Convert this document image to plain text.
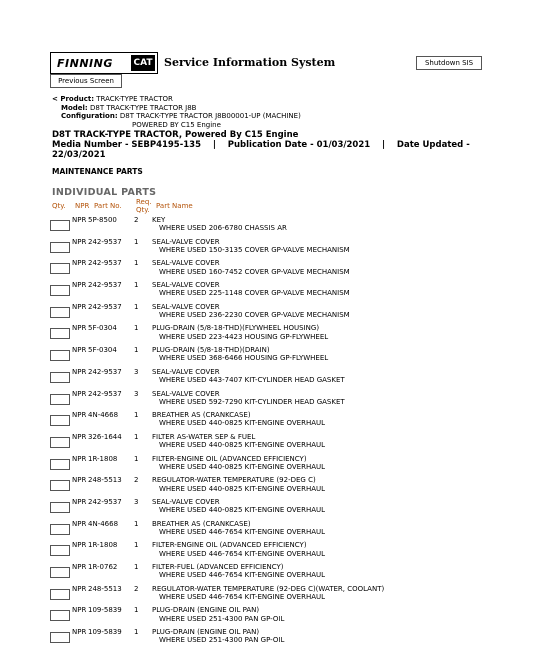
FINNING CAT Service Information System
Previous Screen
Shutdown SIS
< Product:
TRACK-TYPE TRACTOR
Model:
D8T TRACK-TYPE TRACTOR J8B
Configuration:
D8T TRACK-TYPE TRACTOR J8B00001-UP (MACHINE)
POWERED BY C15 Engine
D8T TRACK-TYPE TRACTOR, Powered By C15 Engine
Media Number - SEBP4195-135    |    Publication Date - 01/03/2021    |    Date Updated -
22/03/2021
MAINTENANCE PARTS
INDIVIDUAL PARTS
Qty. NPR Part No. Req. Qty. Part Name
	NPR	5P-8500	2	KEY
WHERE USED 206-6780 CHASSIS AR

	NPR	242-9537	1	SEAL-VALVE COVER
WHERE USED 150-3135 COVER GP-VALVE MECHANISM

	NPR	242-9537	1	SEAL-VALVE COVER
WHERE USED 160-7452 COVER GP-VALVE MECHANISM

	NPR	242-9537	1	SEAL-VALVE COVER
WHERE USED 225-1148 COVER GP-VALVE MECHANISM

	NPR	242-9537	1	SEAL-VALVE COVER
WHERE USED 236-2230 COVER GP-VALVE MECHANISM

	NPR	5F-0304	1	PLUG-DRAIN (5/8-18-THD)(FLYWHEEL HOUSING)
WHERE USED 223-4423 HOUSING GP-FLYWHEEL

	NPR	5F-0304	1	PLUG-DRAIN (5/8-18-THD)(DRAIN)
WHERE USED 368-6466 HOUSING GP-FLYWHEEL

	NPR	242-9537	3	SEAL-VALVE COVER
WHERE USED 443-7407 KIT-CYLINDER HEAD GASKET

	NPR	242-9537	3	SEAL-VALVE COVER
WHERE USED 592-7290 KIT-CYLINDER HEAD GASKET

	NPR	4N-4668	1	BREATHER AS (CRANKCASE)
WHERE USED 440-0825 KIT-ENGINE OVERHAUL

	NPR	326-1644	1	FILTER AS-WATER SEP & FUEL
WHERE USED 440-0825 KIT-ENGINE OVERHAUL

	NPR	1R-1808	1	FILTER-ENGINE OIL (ADVANCED EFFICIENCY)
WHERE USED 440-0825 KIT-ENGINE OVERHAUL

	NPR	248-5513	2	REGULATOR-WATER TEMPERATURE (92-DEG C)
WHERE USED 440-0825 KIT-ENGINE OVERHAUL

	NPR	242-9537	3	SEAL-VALVE COVER
WHERE USED 440-0825 KIT-ENGINE OVERHAUL

	NPR	4N-4668	1	BREATHER AS (CRANKCASE)
WHERE USED 446-7654 KIT-ENGINE OVERHAUL

	NPR	1R-1808	1	FILTER-ENGINE OIL (ADVANCED EFFICIENCY)
WHERE USED 446-7654 KIT-ENGINE OVERHAUL

	NPR	1R-0762	1	FILTER-FUEL (ADVANCED EFFICIENCY)
WHERE USED 446-7654 KIT-ENGINE OVERHAUL

	NPR	248-5513	2	REGULATOR-WATER TEMPERATURE (92-DEG C)(WATER, COOLANT)
WHERE USED 446-7654 KIT-ENGINE OVERHAUL

	NPR	109-5839	1	PLUG-DRAIN (ENGINE OIL PAN)
WHERE USED 251-4300 PAN GP-OIL

	NPR	109-5839	1	PLUG-DRAIN (ENGINE OIL PAN)
WHERE USED 251-4300 PAN GP-OIL
